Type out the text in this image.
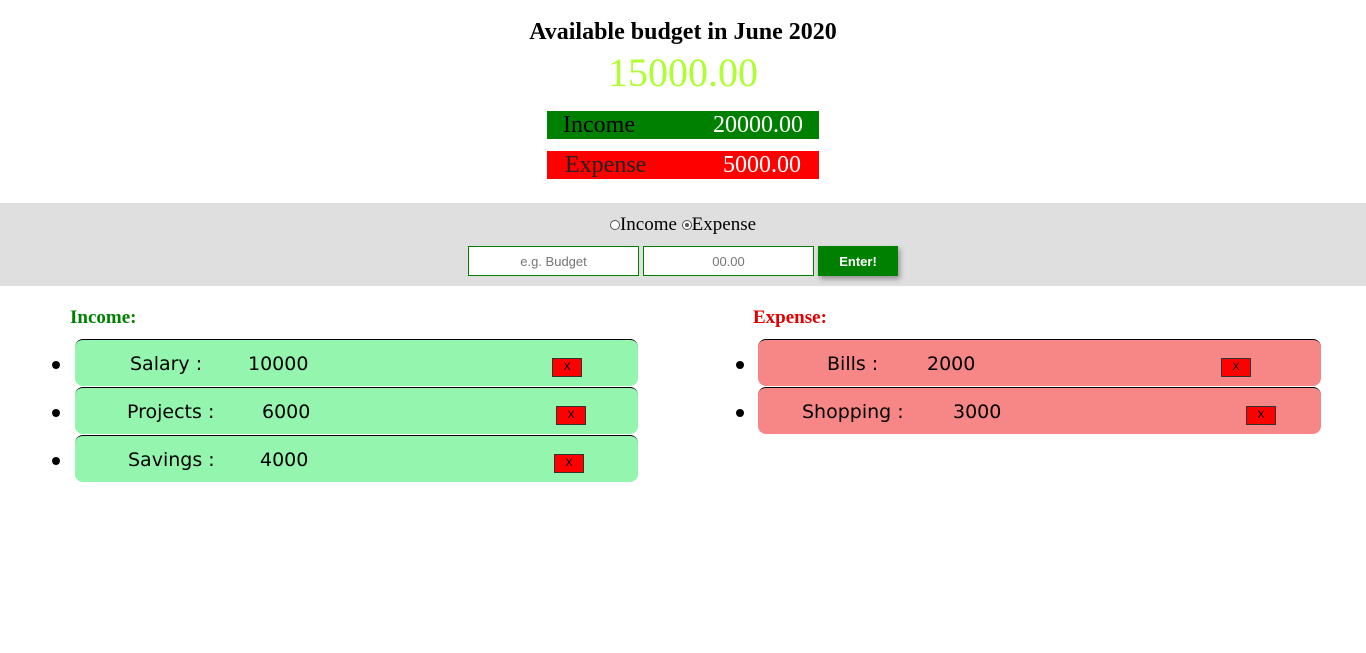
Available budget in June 2020
15000.00
Income	20000.00
Expense	5000.00
Income Expense
e.g. Budget
00.00
Enter!
Income:
Salary : 10000	X
Projects :	6000	X
Savings : 4000	X
Expense:
Bills :	2000	X
Shopping :	3000	X
